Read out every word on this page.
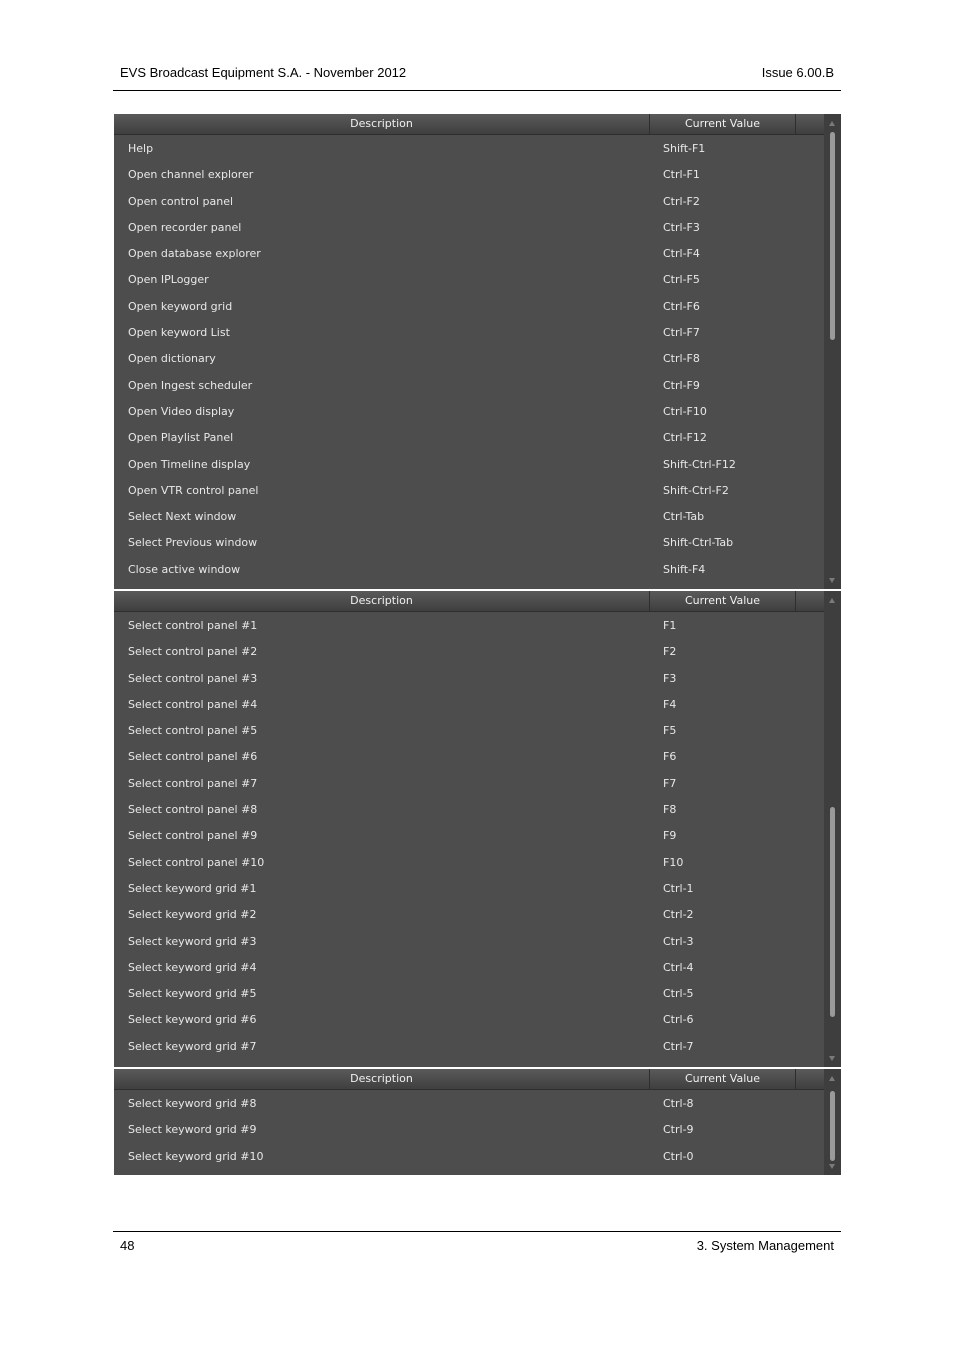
EVS Broadcast Equipment S.A. - November 2012	Issue 6.00.B
Description	Current Value
Help	Shift-F1
Open channel explorer	Ctrl-F1
Open control panel	Ctrl-F2
Open recorder panel	Ctrl-F3
Open database explorer	Ctrl-F4
Open IPLogger	Ctrl-F5
Open keyword grid	Ctrl-F6
Open keyword List	Ctrl-F7
Open dictionary	Ctrl-F8
Open Ingest scheduler	Ctrl-F9
Open Video display	Ctrl-F10
Open Playlist Panel	Ctrl-F12
Open Timeline display	Shift-Ctrl-F12
Open VTR control panel	Shift-Ctrl-F2
Select Next window	Ctrl-Tab
Select Previous window	Shift-Ctrl-Tab
Close active window	Shift-F4
Description	Current Value
Select control panel #1	F1
Select control panel #2	F2
Select control panel #3	F3
Select control panel #4	F4
Select control panel #5	F5
Select control panel #6	F6
Select control panel #7	F7
Select control panel #8	F8
Select control panel #9	F9
Select control panel #10	F10
Select keyword grid #1	Ctrl-1
Select keyword grid #2	Ctrl-2
Select keyword grid #3	Ctrl-3
Select keyword grid #4	Ctrl-4
Select keyword grid #5	Ctrl-5
Select keyword grid #6	Ctrl-6
Select keyword grid #7	Ctrl-7
Description	Current Value
Select keyword grid #8	Ctrl-8
Select keyword grid #9	Ctrl-9
Select keyword grid #10	Ctrl-0
48	3. System Management
